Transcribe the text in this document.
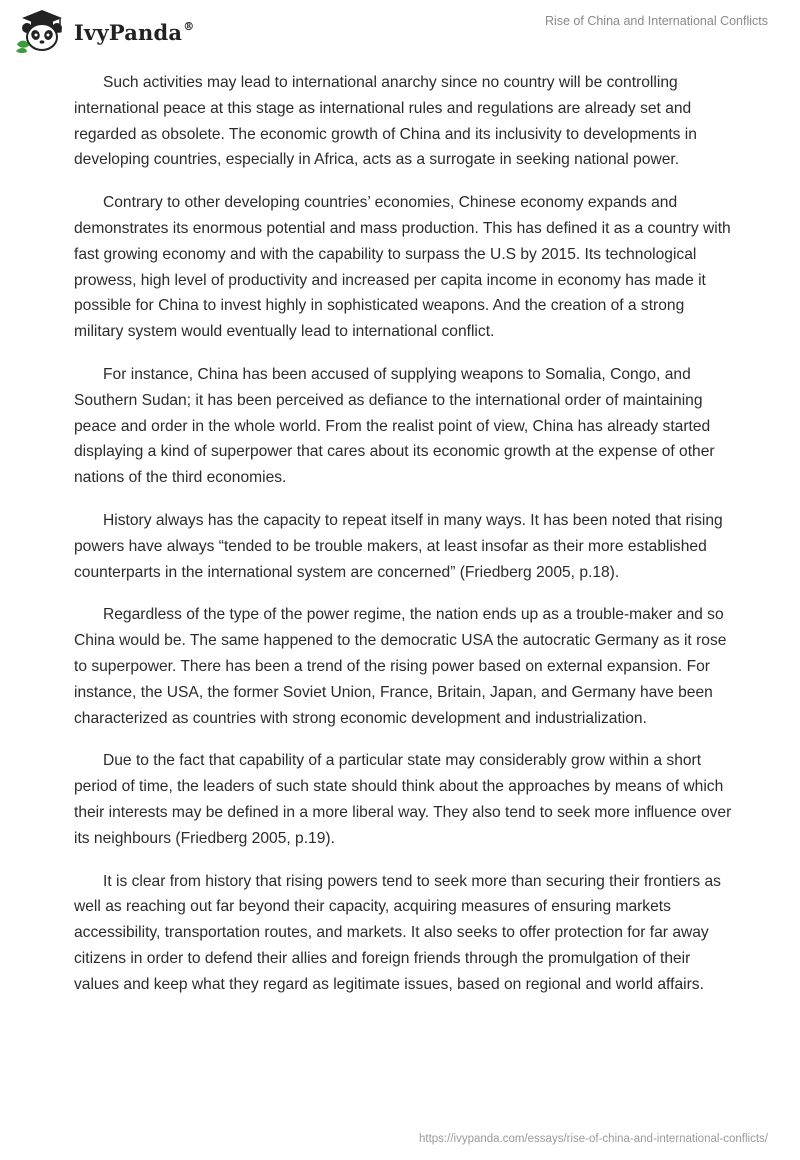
IvyPanda®	Rise of China and International Conflicts

Such activities may lead to international anarchy since no country will be controlling international peace at this stage as international rules and regulations are already set and regarded as obsolete. The economic growth of China and its inclusivity to developments in developing countries, especially in Africa, acts as a surrogate in seeking national power.

Contrary to other developing countries’ economies, Chinese economy expands and demonstrates its enormous potential and mass production. This has defined it as a country with fast growing economy and with the capability to surpass the U.S by 2015. Its technological prowess, high level of productivity and increased per capita income in economy has made it possible for China to invest highly in sophisticated weapons. And the creation of a strong military system would eventually lead to international conflict.

For instance, China has been accused of supplying weapons to Somalia, Congo, and Southern Sudan; it has been perceived as defiance to the international order of maintaining peace and order in the whole world. From the realist point of view, China has already started displaying a kind of superpower that cares about its economic growth at the expense of other nations of the third economies.

History always has the capacity to repeat itself in many ways. It has been noted that rising powers have always “tended to be trouble makers, at least insofar as their more established counterparts in the international system are concerned” (Friedberg 2005, p.18).

Regardless of the type of the power regime, the nation ends up as a trouble-maker and so China would be. The same happened to the democratic USA the autocratic Germany as it rose to superpower. There has been a trend of the rising power based on external expansion. For instance, the USA, the former Soviet Union, France, Britain, Japan, and Germany have been characterized as countries with strong economic development and industrialization.

Due to the fact that capability of a particular state may considerably grow within a short period of time, the leaders of such state should think about the approaches by means of which their interests may be defined in a more liberal way. They also tend to seek more influence over its neighbours (Friedberg 2005, p.19).

It is clear from history that rising powers tend to seek more than securing their frontiers as well as reaching out far beyond their capacity, acquiring measures of ensuring markets accessibility, transportation routes, and markets. It also seeks to offer protection for far away citizens in order to defend their allies and foreign friends through the promulgation of their values and keep what they regard as legitimate issues, based on regional and world affairs.

https://ivypanda.com/essays/rise-of-china-and-international-conflicts/
